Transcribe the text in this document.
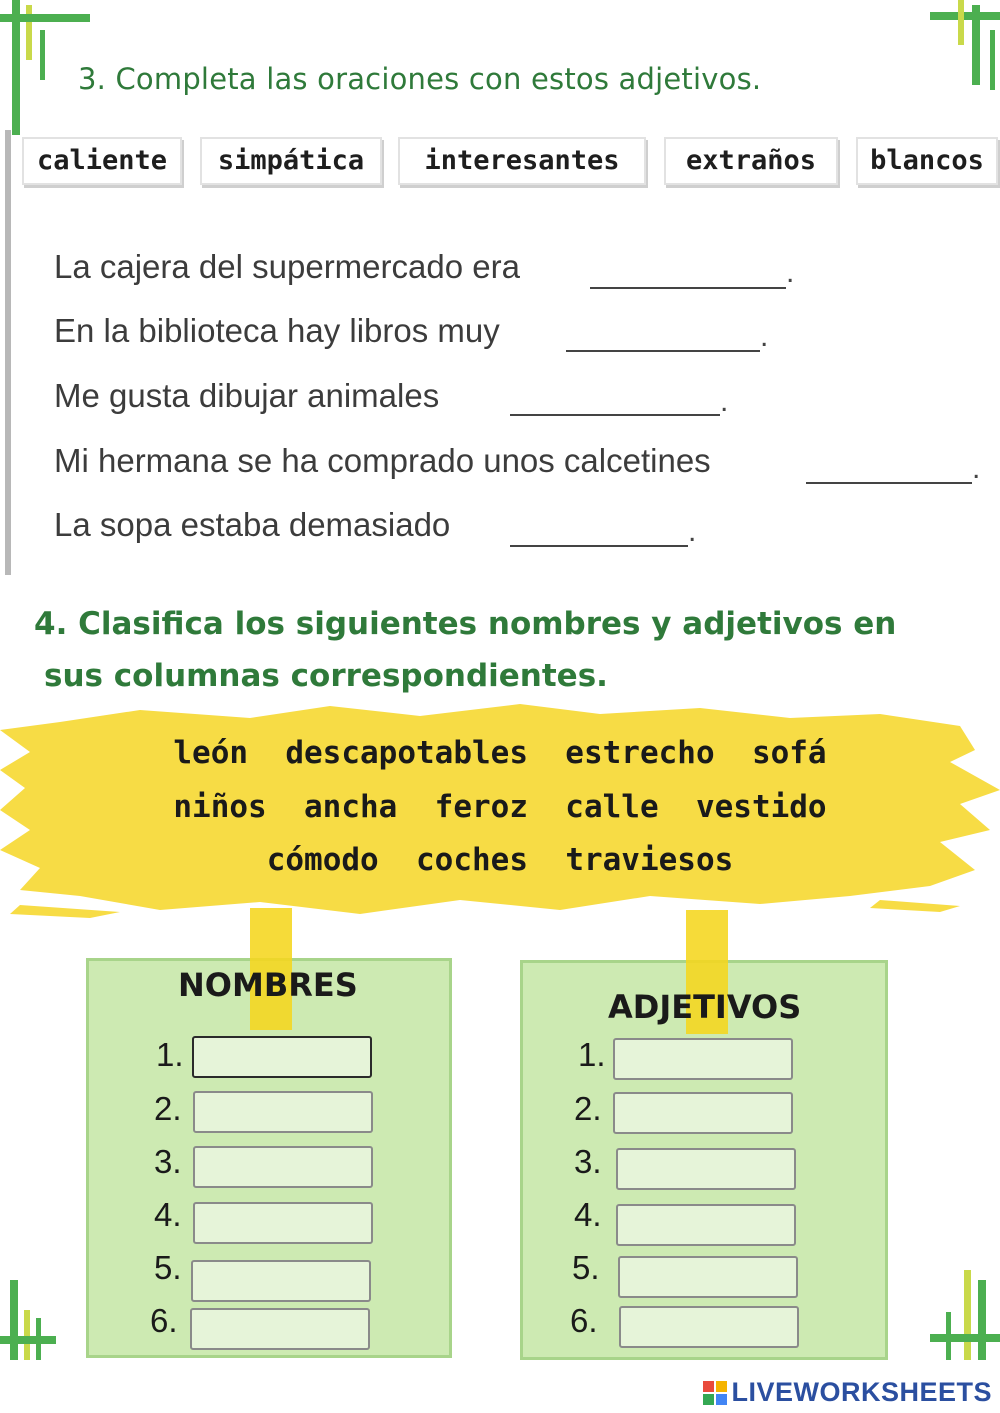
3. Completa las oraciones con estos adjetivos.
caliente	simpática	interesantes	extraños	blancos
La cajera del supermercado era	.
En la biblioteca hay libros muy	.
Me gusta dibujar animales	.
Mi hermana se ha comprado unos calcetines	.
La sopa estaba demasiado	.
4. Clasifica los siguientes nombres y adjetivos en
sus columnas correspondientes.
león  descapotables  estrecho  sofá
niños  ancha  feroz  calle  vestido
cómodo  coches  traviesos
NOMBRES
1.
2.
3.
4.
5.
6.
ADJETIVOS
1.
2.
3.
4.
5.
6.
LIVEWORKSHEETS
